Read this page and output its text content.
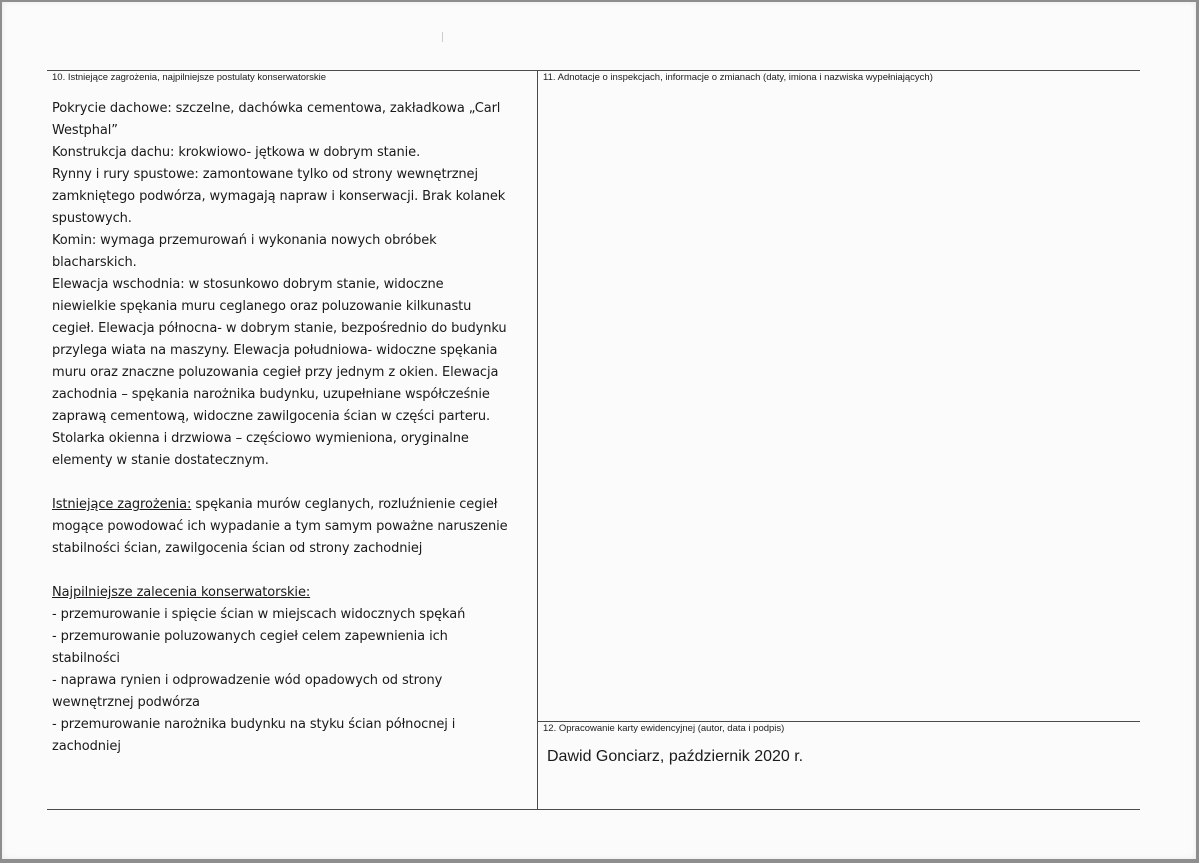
10. Istniejące zagrożenia, najpilniejsze postulaty konserwatorskie	11. Adnotacje o inspekcjach, informacje o zmianach (daty, imiona i nazwiska wypełniających)
12. Opracowanie karty ewidencyjnej (autor, data i podpis)

Pokrycie dachowe: szczelne, dachówka cementowa, zakładkowa „Carl

Westphal”

Konstrukcja dachu: krokwiowo- jętkowa w dobrym stanie.

Rynny i rury spustowe: zamontowane tylko od strony wewnętrznej

zamkniętego podwórza, wymagają napraw i konserwacji. Brak kolanek

spustowych.

Komin: wymaga przemurowań i wykonania nowych obróbek

blacharskich.

Elewacja wschodnia: w stosunkowo dobrym stanie, widoczne

niewielkie spękania muru ceglanego oraz poluzowanie kilkunastu

cegieł. Elewacja północna- w dobrym stanie, bezpośrednio do budynku

przylega wiata na maszyny. Elewacja południowa- widoczne spękania

muru oraz znaczne poluzowania cegieł przy jednym z okien. Elewacja

zachodnia – spękania narożnika budynku, uzupełniane współcześnie

zaprawą cementową, widoczne zawilgocenia ścian w części parteru.

Stolarka okienna i drzwiowa – częściowo wymieniona, oryginalne

elementy w stanie dostatecznym.

Istniejące zagrożenia: spękania murów ceglanych, rozluźnienie cegieł

mogące powodować ich wypadanie a tym samym poważne naruszenie

stabilności ścian, zawilgocenia ścian od strony zachodniej

Najpilniejsze zalecenia konserwatorskie:

- przemurowanie i spięcie ścian w miejscach widocznych spękań

- przemurowanie poluzowanych cegieł celem zapewnienia ich

stabilności

- naprawa rynien i odprowadzenie wód opadowych od strony

wewnętrznej podwórza

- przemurowanie narożnika budynku na styku ścian północnej i

zachodniej

Dawid Gonciarz, październik 2020 r.
